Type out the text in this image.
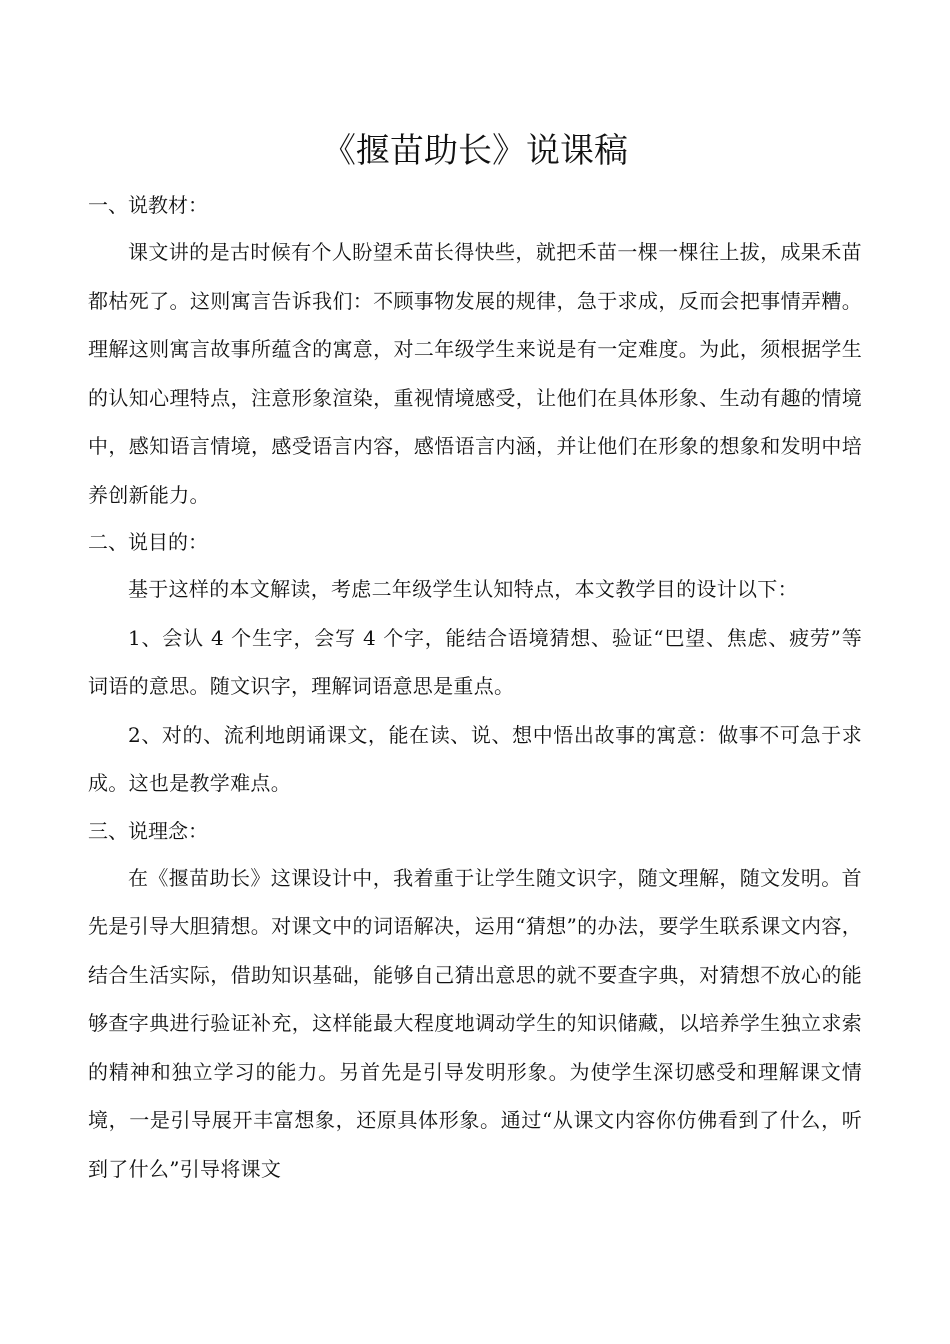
《揠苗助长》说课稿
一、说教材：

课文讲的是古时候有个人盼望禾苗长得快些，就把禾苗一棵一棵往上拔，成果禾苗都枯死了。这则寓言告诉我们：不顾事物发展的规律，急于求成，反而会把事情弄糟。理解这则寓言故事所蕴含的寓意，对二年级学生来说是有一定难度。为此，须根据学生的认知心理特点，注意形象渲染，重视情境感受，让他们在具体形象、生动有趣的情境中，感知语言情境，感受语言内容，感悟语言内涵，并让他们在形象的想象和发明中培养创新能力。

二、说目的：

基于这样的本文解读，考虑二年级学生认知特点，本文教学目的设计以下：

1、会认 4 个生字，会写 4 个字，能结合语境猜想、验证“巴望、焦虑、疲劳”等词语的意思。随文识字，理解词语意思是重点。

2、对的、流利地朗诵课文，能在读、说、想中悟出故事的寓意：做事不可急于求成。这也是教学难点。

三、说理念：

在《揠苗助长》这课设计中，我着重于让学生随文识字，随文理解，随文发明。首先是引导大胆猜想。对课文中的词语解决，运用“猜想”的办法，要学生联系课文内容，结合生活实际，借助知识基础，能够自己猜出意思的就不要查字典，对猜想不放心的能够查字典进行验证补充，这样能最大程度地调动学生的知识储藏，以培养学生独立求索的精神和独立学习的能力。另首先是引导发明形象。为使学生深切感受和理解课文情境，一是引导展开丰富想象，还原具体形象。通过“从课文内容你仿佛看到了什么，听到了什么”引导将课文
